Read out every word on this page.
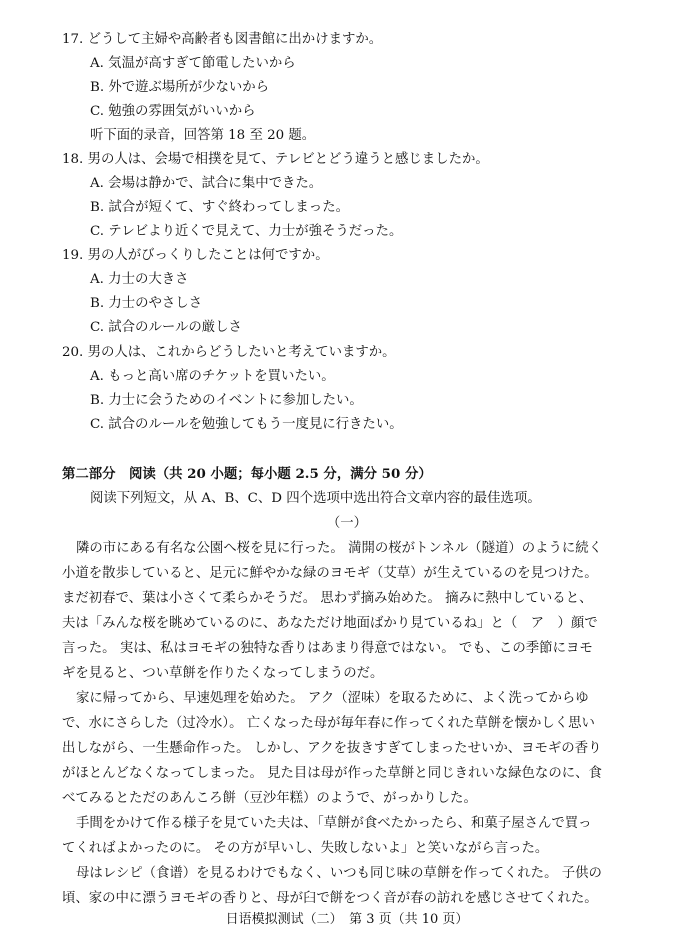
17. どうして主婦や高齢者も図書館に出かけますか。
A. 気温が高すぎて節電したいから
B. 外で遊ぶ場所が少ないから
C. 勉強の雰囲気がいいから
听下面的录音，回答第 18 至 20 题。
18. 男の人は、会場で相撲を見て、テレビとどう違うと感じましたか。
A. 会場は静かで、試合に集中できた。
B. 試合が短くて、すぐ終わってしまった。
C. テレビより近くで見えて、力士が強そうだった。
19. 男の人がびっくりしたことは何ですか。
A. 力士の大きさ
B. 力士のやさしさ
C. 試合のルールの厳しさ
20. 男の人は、これからどうしたいと考えていますか。
A. もっと高い席のチケットを買いたい。
B. 力士に会うためのイベントに参加したい。
C. 試合のルールを勉強してもう一度見に行きたい。
第二部分　阅读（共 20 小题；每小题 2.5 分，满分 50 分）
阅读下列短文，从 A、B、C、D 四个选项中选出符合文章内容的最佳选项。
（一）
隣の市にある有名な公園へ桜を見に行った。 満開の桜がトンネル（隧道）のように続く
小道を散歩していると、足元に鮮やかな緑のヨモギ（艾草）が生えているのを見つけた。
まだ初春で、葉は小さくて柔らかそうだ。 思わず摘み始めた。 摘みに熱中していると、
夫は「みんな桜を眺めているのに、あなただけ地面ばかり見ているね」と（　ア　）顔で
言った。 実は、私はヨモギの独特な香りはあまり得意ではない。 でも、この季節にヨモ
ギを見ると、つい草餅を作りたくなってしまうのだ。
家に帰ってから、早速処理を始めた。 アク（涩味）を取るために、よく洗ってからゆ
で、水にさらした（过冷水）。 亡くなった母が毎年春に作ってくれた草餅を懐かしく思い
出しながら、一生懸命作った。 しかし、アクを抜きすぎてしまったせいか、ヨモギの香り
がほとんどなくなってしまった。 見た目は母が作った草餅と同じきれいな緑色なのに、食
べてみるとただのあんころ餅（豆沙年糕）のようで、がっかりした。
手間をかけて作る様子を見ていた夫は、「草餅が食べたかったら、和菓子屋さんで買っ
てくればよかったのに。 その方が早いし、失敗しないよ」と笑いながら言った。
母はレシピ（食谱）を見るわけでもなく、いつも同じ味の草餅を作ってくれた。 子供の
頃、家の中に漂うヨモギの香りと、母が臼で餅をつく音が春の訪れを感じさせてくれた。
日语模拟测试（二）　第 3 页（共 10 页）
